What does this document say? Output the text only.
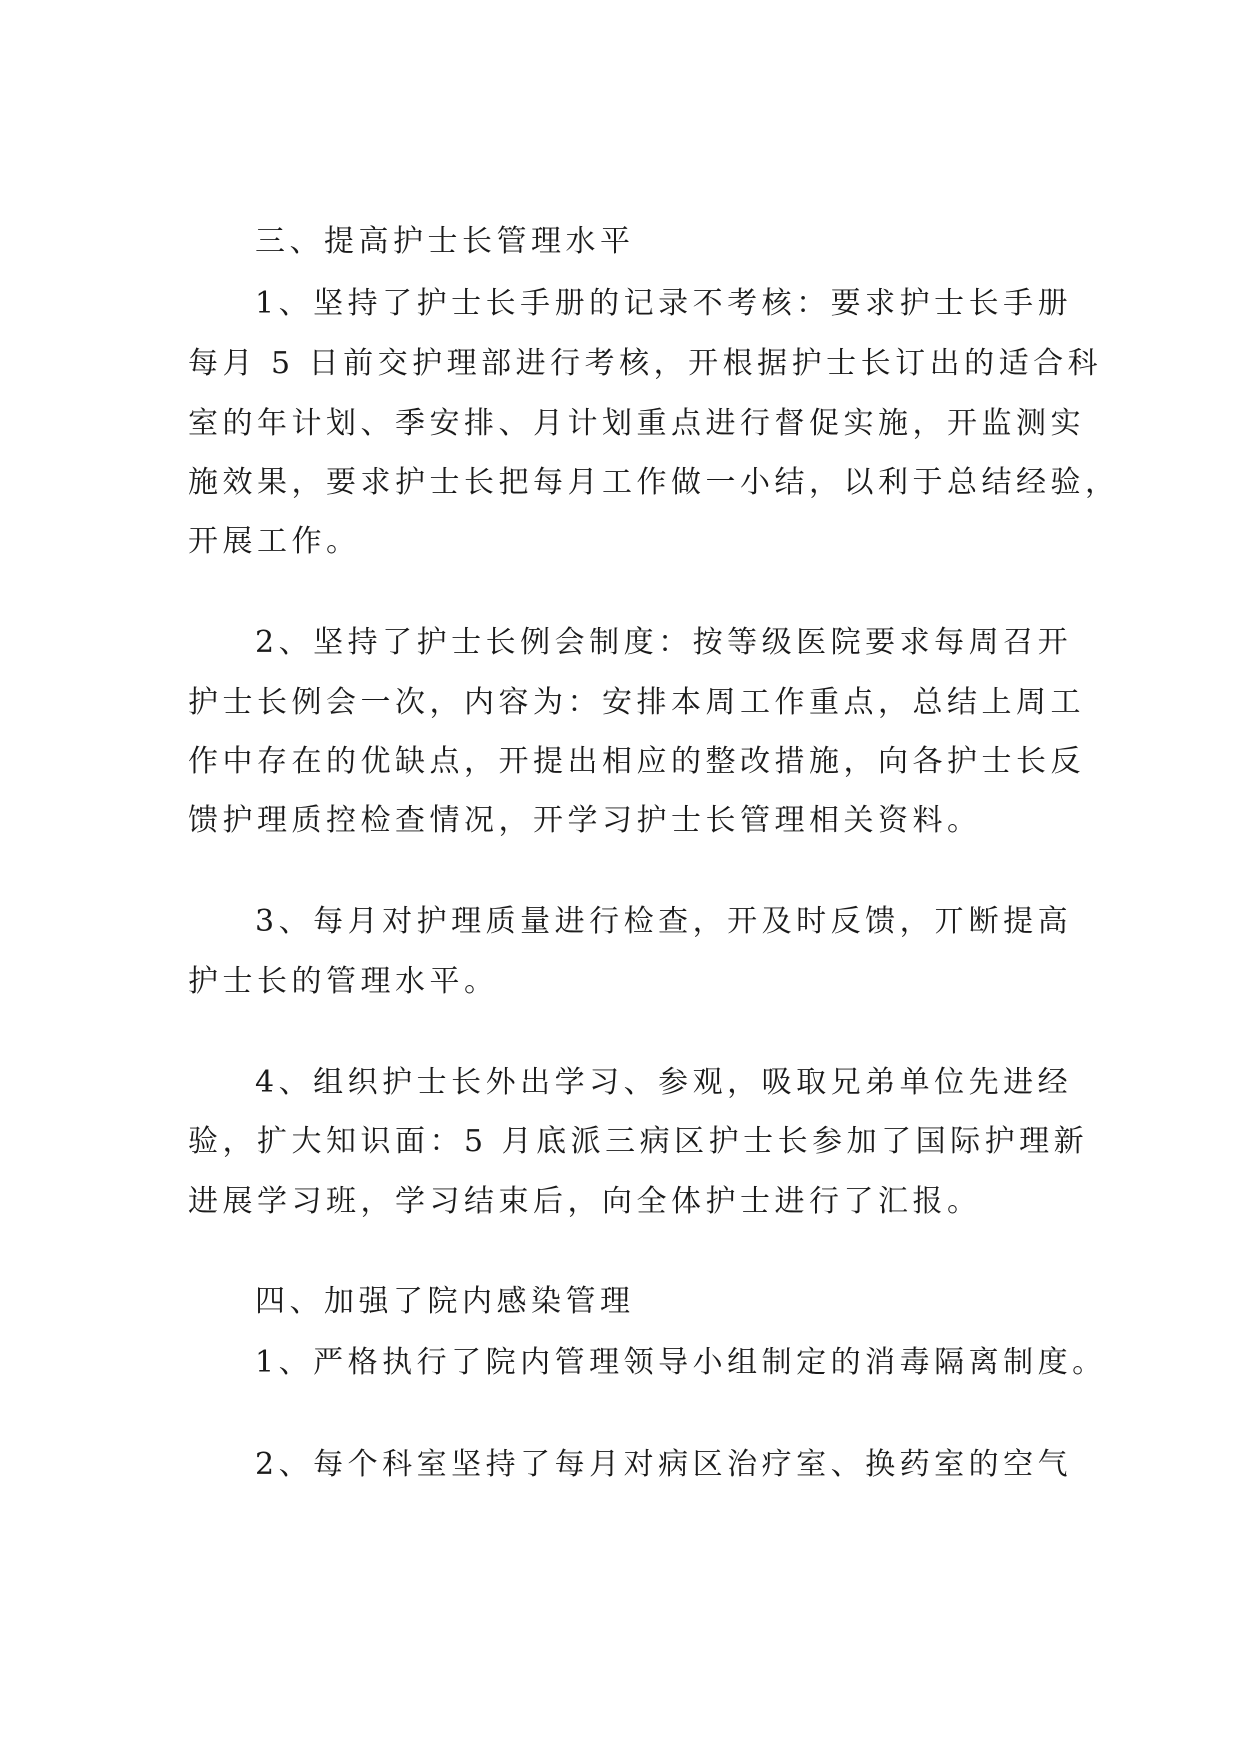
三、提高护士长管理水平
1、坚持了护士长手册的记录不考核：要求护士长手册
每月 5 日前交护理部进行考核，开根据护士长订出的适合科
室的年计划、季安排、月计划重点进行督促实施，开监测实
施效果，要求护士长把每月工作做一小结，以利于总结经验，
开展工作。
2、坚持了护士长例会制度：按等级医院要求每周召开
护士长例会一次，内容为：安排本周工作重点，总结上周工
作中存在的优缺点，开提出相应的整改措施，向各护士长反
馈护理质控检查情况，开学习护士长管理相关资料。
3、每月对护理质量进行检查，开及时反馈，丌断提高
护士长的管理水平。
4、组织护士长外出学习、参观，吸取兄弟单位先进经
验，扩大知识面：5 月底派三病区护士长参加了国际护理新
进展学习班，学习结束后，向全体护士进行了汇报。
四、加强了院内感染管理
1、严格执行了院内管理领导小组制定的消毒隔离制度。
2、每个科室坚持了每月对病区治疗室、换药室的空气
